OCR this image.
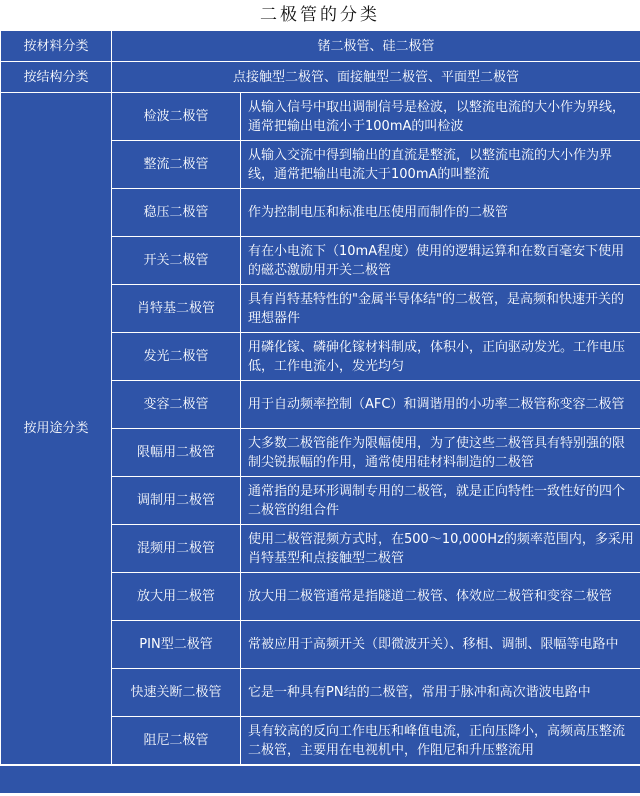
二极管的分类
按材料分类	锗二极管、硅二极管	
按结构分类	点接触型二极管、面接触型二极管、平面型二极管	
按用途分类	检波二极管	从输入信号中取出调制信号是检波，以整流电流的大小作为界线，通常把输出电流小于100mA的叫检波
	整流二极管	从输入交流中得到输出的直流是整流，以整流电流的大小作为界线，通常把输出电流大于100mA的叫整流
	稳压二极管	作为控制电压和标准电压使用而制作的二极管
	开关二极管	有在小电流下（10mA程度）使用的逻辑运算和在数百毫安下使用的磁芯激励用开关二极管
	肖特基二极管	具有肖特基特性的"金属半导体结"的二极管，是高频和快速开关的理想器件
	发光二极管	用磷化镓、磷砷化镓材料制成，体积小，正向驱动发光。工作电压低，工作电流小，发光均匀
	变容二极管	用于自动频率控制（AFC）和调谐用的小功率二极管称变容二极管
	限幅用二极管	大多数二极管能作为限幅使用，为了使这些二极管具有特别强的限制尖锐振幅的作用，通常使用硅材料制造的二极管
	调制用二极管	通常指的是环形调制专用的二极管，就是正向特性一致性好的四个二极管的组合件
	混频用二极管	使用二极管混频方式时，在500～10,000Hz的频率范围内，多采用肖特基型和点接触型二极管
	放大用二极管	放大用二极管通常是指隧道二极管、体效应二极管和变容二极管
	PIN型二极管	常被应用于高频开关（即微波开关）、移相、调制、限幅等电路中
	快速关断二极管	它是一种具有PN结的二极管，常用于脉冲和高次谐波电路中
	阻尼二极管	具有较高的反向工作电压和峰值电流，正向压降小，高频高压整流二极管，主要用在电视机中，作阻尼和升压整流用
